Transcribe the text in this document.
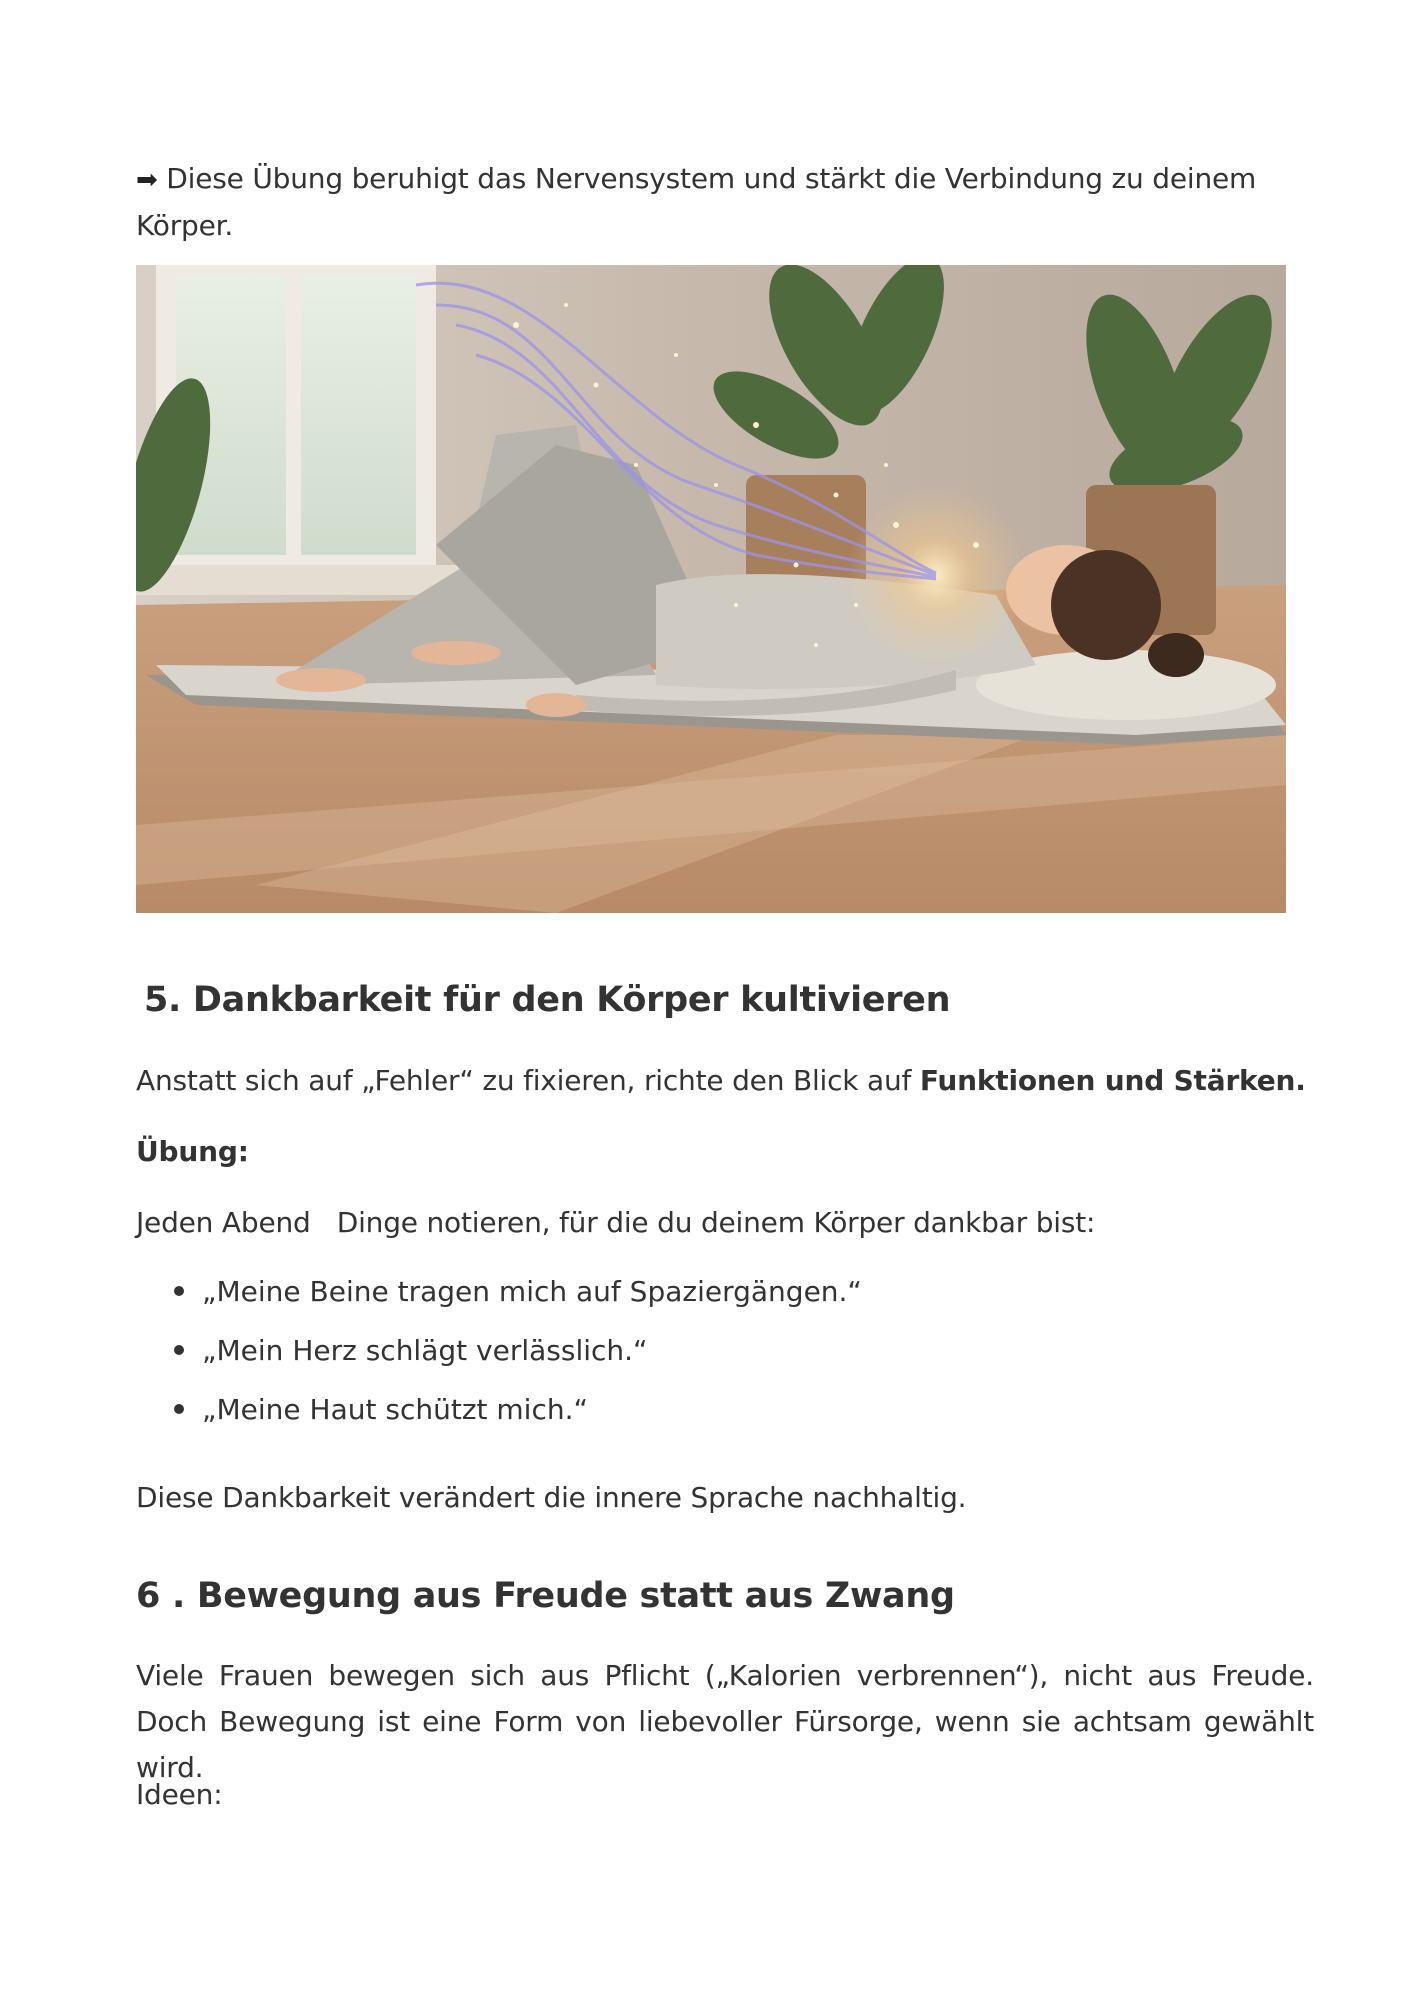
➡ Diese Übung beruhigt das Nervensystem und stärkt die Verbindung zu deinem Körper.

5. Dankbarkeit für den Körper kultivieren

Anstatt sich auf „Fehler“ zu fixieren, richte den Blick auf Funktionen und Stärken.

Übung:

Jeden Abend   Dinge notieren, für die du deinem Körper dankbar bist:

„Meine Beine tragen mich auf Spaziergängen.“
„Mein Herz schlägt verlässlich.“
„Meine Haut schützt mich.“

Diese Dankbarkeit verändert die innere Sprache nachhaltig.

6 . Bewegung aus Freude statt aus Zwang

Viele Frauen bewegen sich aus Pflicht („Kalorien verbrennen“), nicht aus Freude. Doch Bewegung ist eine Form von liebevoller Fürsorge, wenn sie achtsam gewählt wird.

Ideen:
